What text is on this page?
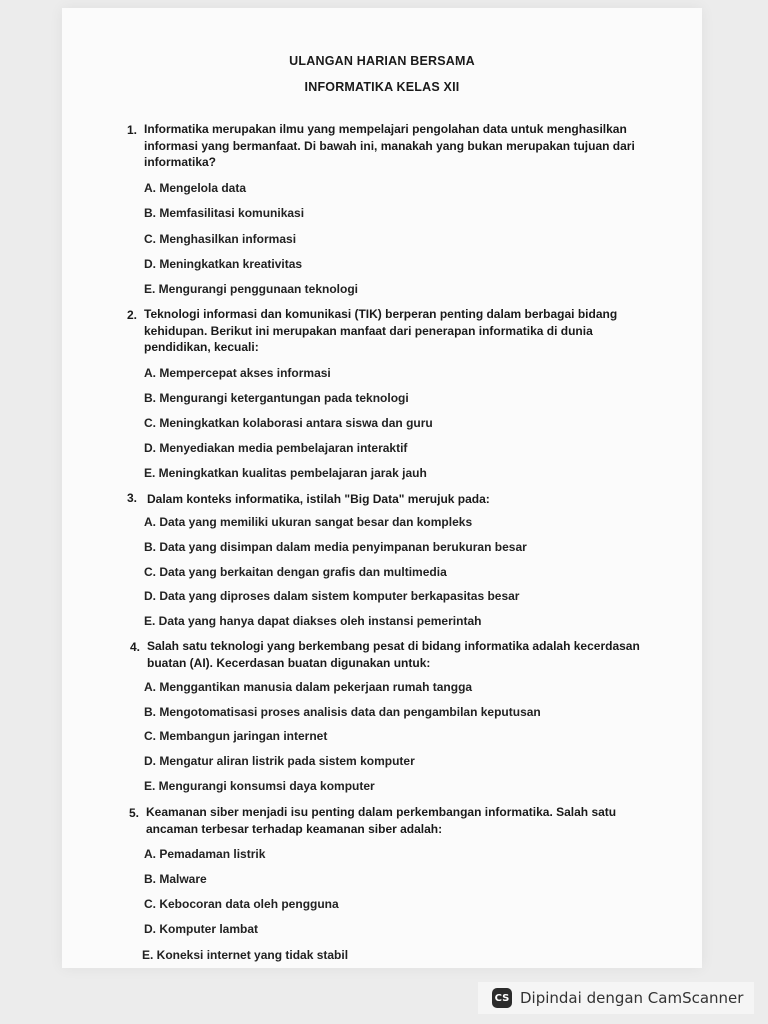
ULANGAN HARIAN BERSAMA
INFORMATIKA KELAS XII
1. Informatika merupakan ilmu yang mempelajari pengolahan data untuk menghasilkan informasi yang bermanfaat. Di bawah ini, manakah yang bukan merupakan tujuan dari informatika?
A. Mengelola data
B. Memfasilitasi komunikasi
C. Menghasilkan informasi
D. Meningkatkan kreativitas
E. Mengurangi penggunaan teknologi
2. Teknologi informasi dan komunikasi (TIK) berperan penting dalam berbagai bidang kehidupan. Berikut ini merupakan manfaat dari penerapan informatika di dunia pendidikan, kecuali:
A. Mempercepat akses informasi
B. Mengurangi ketergantungan pada teknologi
C. Meningkatkan kolaborasi antara siswa dan guru
D. Menyediakan media pembelajaran interaktif
E. Meningkatkan kualitas pembelajaran jarak jauh
3. Dalam konteks informatika, istilah "Big Data" merujuk pada:
A. Data yang memiliki ukuran sangat besar dan kompleks
B. Data yang disimpan dalam media penyimpanan berukuran besar
C. Data yang berkaitan dengan grafis dan multimedia
D. Data yang diproses dalam sistem komputer berkapasitas besar
E. Data yang hanya dapat diakses oleh instansi pemerintah
4. Salah satu teknologi yang berkembang pesat di bidang informatika adalah kecerdasan buatan (AI). Kecerdasan buatan digunakan untuk:
A. Menggantikan manusia dalam pekerjaan rumah tangga
B. Mengotomatisasi proses analisis data dan pengambilan keputusan
C. Membangun jaringan internet
D. Mengatur aliran listrik pada sistem komputer
E. Mengurangi konsumsi daya komputer
5. Keamanan siber menjadi isu penting dalam perkembangan informatika. Salah satu ancaman terbesar terhadap keamanan siber adalah:
A. Pemadaman listrik
B. Malware
C. Kebocoran data oleh pengguna
D. Komputer lambat
E. Koneksi internet yang tidak stabil
CS Dipindai dengan CamScanner
